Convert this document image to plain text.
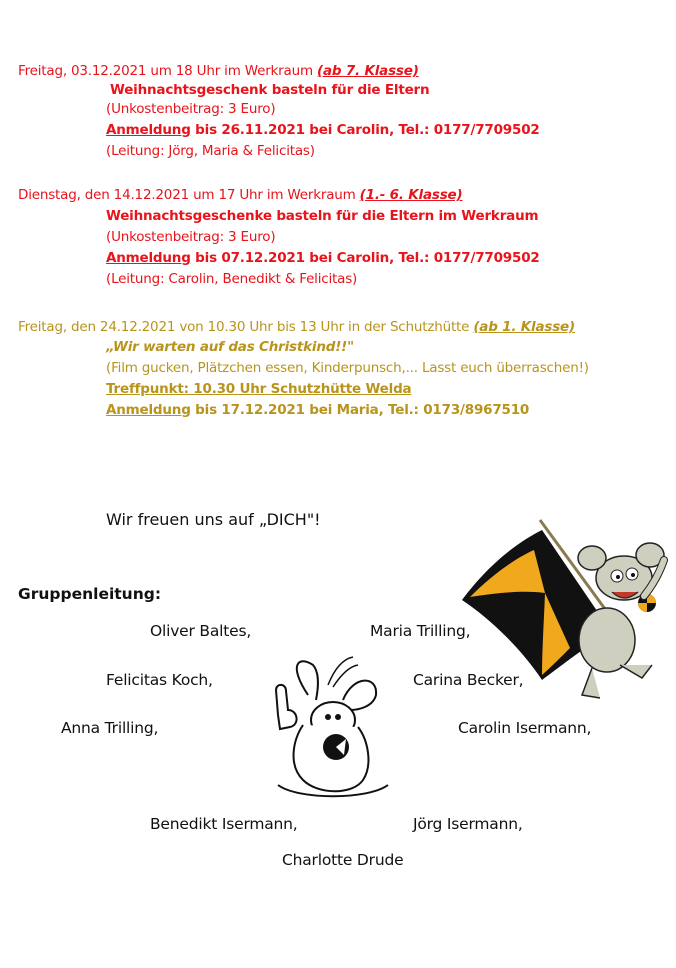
Freitag, 03.12.2021 um 18 Uhr im Werkraum (ab 7. Klasse)
Weihnachtsgeschenk basteln für die Eltern
(Unkostenbeitrag: 3 Euro)
Anmeldung bis 26.11.2021 bei Carolin, Tel.: 0177/7709502
(Leitung: Jörg, Maria & Felicitas)
Dienstag, den 14.12.2021 um 17 Uhr im Werkraum (1.- 6. Klasse)
Weihnachtsgeschenke basteln für die Eltern im Werkraum
(Unkostenbeitrag: 3 Euro)
Anmeldung bis 07.12.2021 bei Carolin, Tel.: 0177/7709502
(Leitung: Carolin, Benedikt & Felicitas)
Freitag, den 24.12.2021 von 10.30 Uhr bis 13 Uhr in der Schutzhütte (ab 1. Klasse)
„Wir warten auf das Christkind!!"
(Film gucken, Plätzchen essen, Kinderpunsch,... Lasst euch überraschen!)
Treffpunkt: 10.30 Uhr Schutzhütte Welda
Anmeldung bis 17.12.2021 bei Maria, Tel.: 0173/8967510
Wir freuen uns auf „DICH"!
Gruppenleitung:
Oliver Baltes,	Maria Trilling,
Felicitas Koch,	Carina Becker,
Anna Trilling,	Carolin Isermann,
Benedikt Isermann,	Jörg Isermann,
Charlotte Drude
